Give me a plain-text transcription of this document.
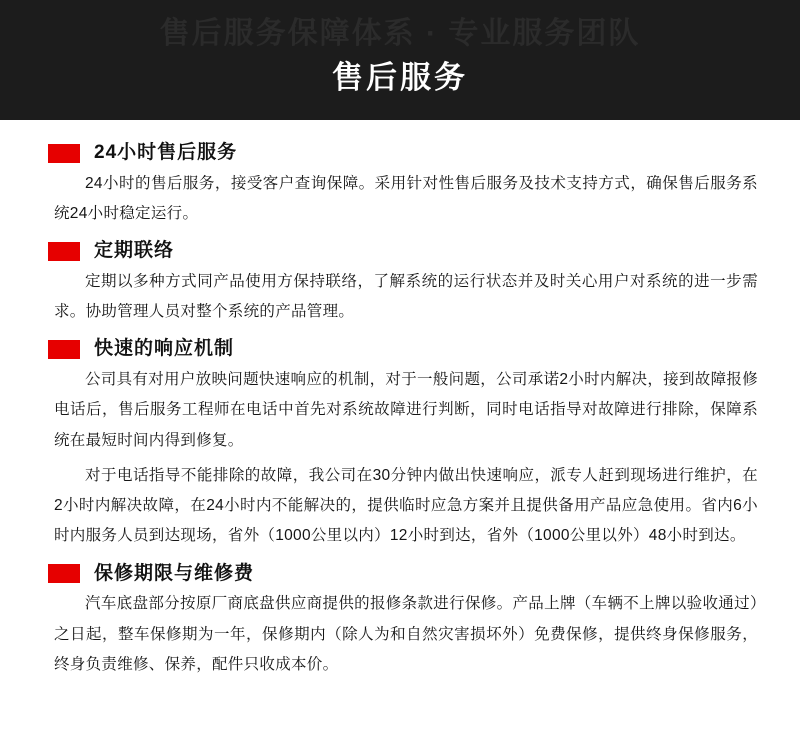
售后服务保障体系 · 专业服务团队
售后服务
24小时售后服务

24小时的售后服务，接受客户查询保障。采用针对性售后服务及技术支持方式，确保售后服务系统24小时稳定运行。

定期联络

定期以多种方式同产品使用方保持联络，了解系统的运行状态并及时关心用户对系统的进一步需求。协助管理人员对整个系统的产品管理。

快速的响应机制

公司具有对用户放映问题快速响应的机制，对于一般问题，公司承诺2小时内解决，接到故障报修电话后，售后服务工程师在电话中首先对系统故障进行判断，同时电话指导对故障进行排除，保障系统在最短时间内得到修复。

对于电话指导不能排除的故障，我公司在30分钟内做出快速响应，派专人赶到现场进行维护，在2小时内解决故障，在24小时内不能解决的，提供临时应急方案并且提供备用产品应急使用。省内6小时内服务人员到达现场，省外（1000公里以内）12小时到达，省外（1000公里以外）48小时到达。

保修期限与维修费

汽车底盘部分按原厂商底盘供应商提供的报修条款进行保修。产品上牌（车辆不上牌以验收通过）之日起，整车保修期为一年，保修期内（除人为和自然灾害损坏外）免费保修，提供终身保修服务，终身负责维修、保养，配件只收成本价。
